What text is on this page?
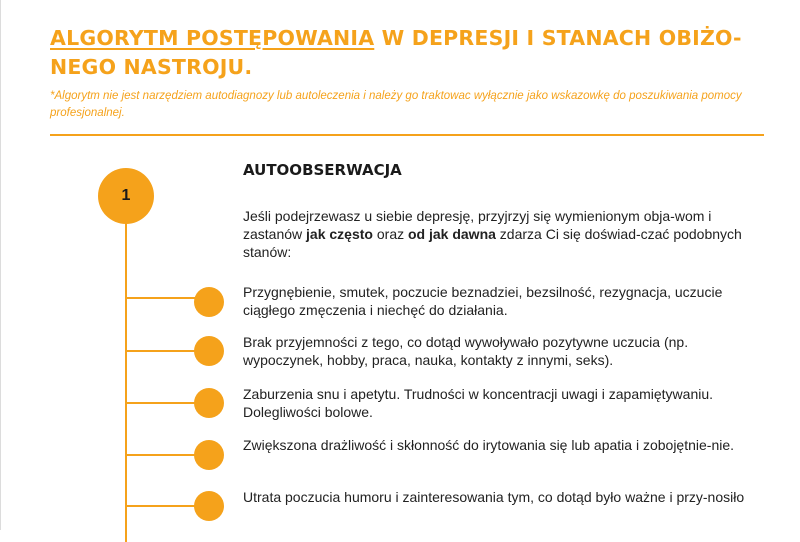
ALGORYTM POSTĘPOWANIA W DEPRESJI I STANACH OBIŻO-NEGO NASTROJU.
*Algorytm nie jest narzędziem autodiagnozy lub autoleczenia i należy go traktowac wyłącznie jako wskazowkę do poszukiwania pomocy profesjonalnej.
1
AUTOOBSERWACJA
Jeśli podejrzewasz u siebie depresję, przyjrzyj się wymienionym obja-wom i zastanów jak często oraz od jak dawna zdarza Ci się doświad-czać podobnych stanów:
Przygnębienie, smutek, poczucie beznadziei, bezsilność, rezygnacja, uczucie ciągłego zmęczenia i niechęć do działania.
Brak przyjemności z tego, co dotąd wywoływało pozytywne uczucia (np. wypoczynek, hobby, praca, nauka, kontakty z innymi, seks).
Zaburzenia snu i apetytu. Trudności w koncentracji uwagi i zapamiętywaniu. Dolegliwości bolowe.
Zwiększona drażliwość i skłonność do irytowania się lub apatia i zobojętnie-nie.
Utrata poczucia humoru i zainteresowania tym, co dotąd było ważne i przy-nosiło
